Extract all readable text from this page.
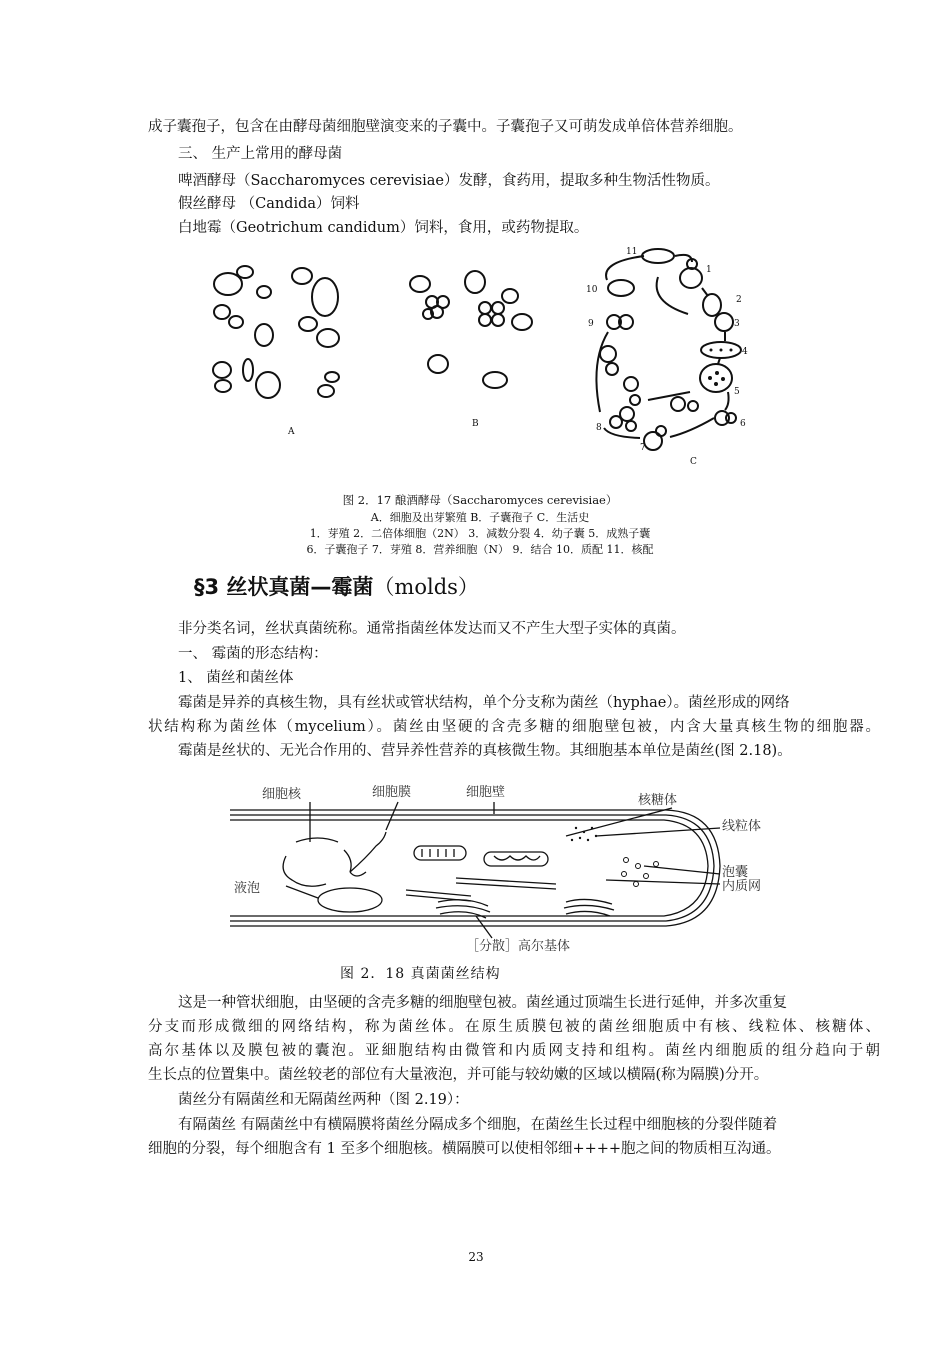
成子囊孢子，包含在由酵母菌细胞壁演变来的子囊中。子囊孢子又可萌发成单倍体营养细胞。
三、 生产上常用的酵母菌
啤酒酵母（Saccharomyces cerevisiae）发酵，食药用，提取多种生物活性物质。
假丝酵母 （Candida）饲料
白地霉（Geotrichum candidum）饲料，食用，或药物提取。
A
B
C
1
2
3
4
5
6
7
8
9
10
11
图 2．17 酿酒酵母（Saccharomyces cerevisiae）
A．细胞及出芽繁殖 B．子囊孢子 C．生活史
1．芽殖 2．二倍体细胞（2N） 3．减数分裂 4．幼子囊 5．成熟子囊
6．子囊孢子 7．芽殖 8．营养细胞（N） 9．结合 10．质配 11．核配
§3 丝状真菌—霉菌（molds）
非分类名词，丝状真菌统称。通常指菌丝体发达而又不产生大型子实体的真菌。
一、 霉菌的形态结构：
1、 菌丝和菌丝体
霉菌是异养的真核生物，具有丝状或管状结构，单个分支称为菌丝（hyphae）。菌丝形成的网络
状结构称为菌丝体（mycelium）。菌丝由坚硬的含壳多糖的细胞壁包被，内含大量真核生物的细胞器。
霉菌是丝状的、无光合作用的、营异养性营养的真核微生物。其细胞基本单位是菌丝(图 2.18)。
细胞核	细胞膜	细胞壁
核糖体
线粒体
泡囊
内质网
液泡
［分散］高尔基体
图 2．18 真菌菌丝结构
这是一种管状细胞，由坚硬的含壳多糖的细胞壁包被。菌丝通过顶端生长进行延伸，并多次重复
分支而形成微细的网络结构，称为菌丝体。在原生质膜包被的菌丝细胞质中有核、线粒体、核糖体、
高尔基体以及膜包被的囊泡。亚細胞结构由微管和内质网支持和组构。菌丝内细胞质的组分趋向于朝
生长点的位置集中。菌丝较老的部位有大量液泡，并可能与较幼嫩的区域以横隔(称为隔膜)分开。
菌丝分有隔菌丝和无隔菌丝两种（图 2.19）：
有隔菌丝 有隔菌丝中有横隔膜将菌丝分隔成多个细胞，在菌丝生长过程中细胞核的分裂伴随着
细胞的分裂，每个细胞含有 1 至多个细胞核。横隔膜可以使相邻细++++胞之间的物质相互沟通。
23
